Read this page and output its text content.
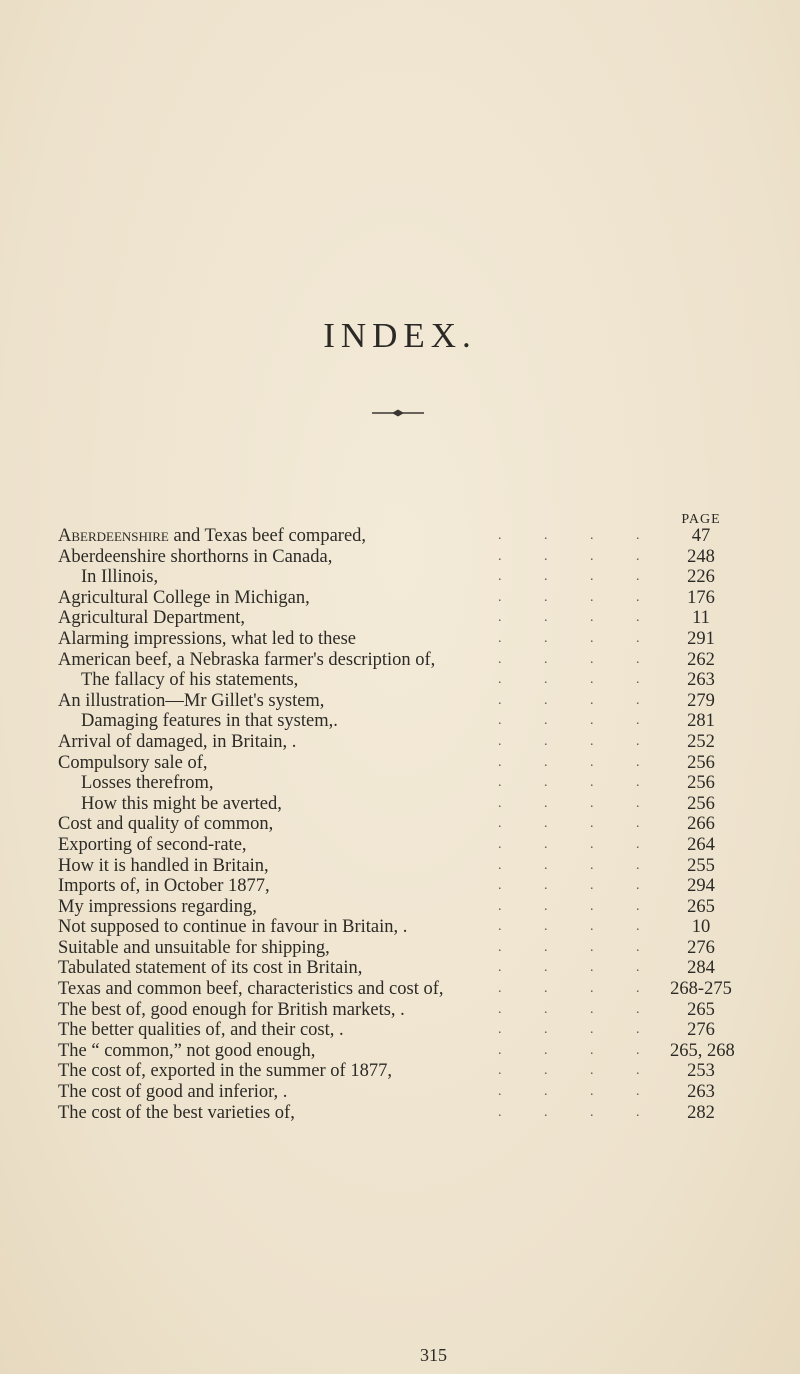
INDEX.
PAGE
Aberdeenshire and Texas beef compared,	.	.	.	.	47
Aberdeenshire shorthorns in Canada,	.	.	.	.	248
In Illinois,	.	.	.	.	226
Agricultural College in Michigan,	.	.	.	.	176
Agricultural Department,	.	.	.	.	11
Alarming impressions, what led to these	.	.	.	.	291
American beef, a Nebraska farmer's description of,	.	.	.	.	262
The fallacy of his statements,	.	.	.	.	263
An illustration—Mr Gillet's system,	.	.	.	.	279
Damaging features in that system,.	.	.	.	.	281
Arrival of damaged, in Britain, .	.	.	.	.	252
Compulsory sale of,	.	.	.	.	256
Losses therefrom,	.	.	.	.	256
How this might be averted,	.	.	.	.	256
Cost and quality of common,	.	.	.	.	266
Exporting of second-rate,	.	.	.	.	264
How it is handled in Britain,	.	.	.	.	255
Imports of, in October 1877,	.	.	.	.	294
My impressions regarding,	.	.	.	.	265
Not supposed to continue in favour in Britain, .	.	.	.	.	10
Suitable and unsuitable for shipping,	.	.	.	.	276
Tabulated statement of its cost in Britain,	.	.	.	.	284
Texas and common beef, characteristics and cost of,	.	.	.	. 268-275
The best of, good enough for British markets, .	.	.	.	.	265
The better qualities of, and their cost, .	.	.	.	.	276
The “ common,” not good enough,	.	.	.	. 265, 268
The cost of, exported in the summer of 1877,	.	.	.	.	253
The cost of good and inferior, .	.	.	.	.	263
The cost of the best varieties of,	.	.	.	.	282
315
